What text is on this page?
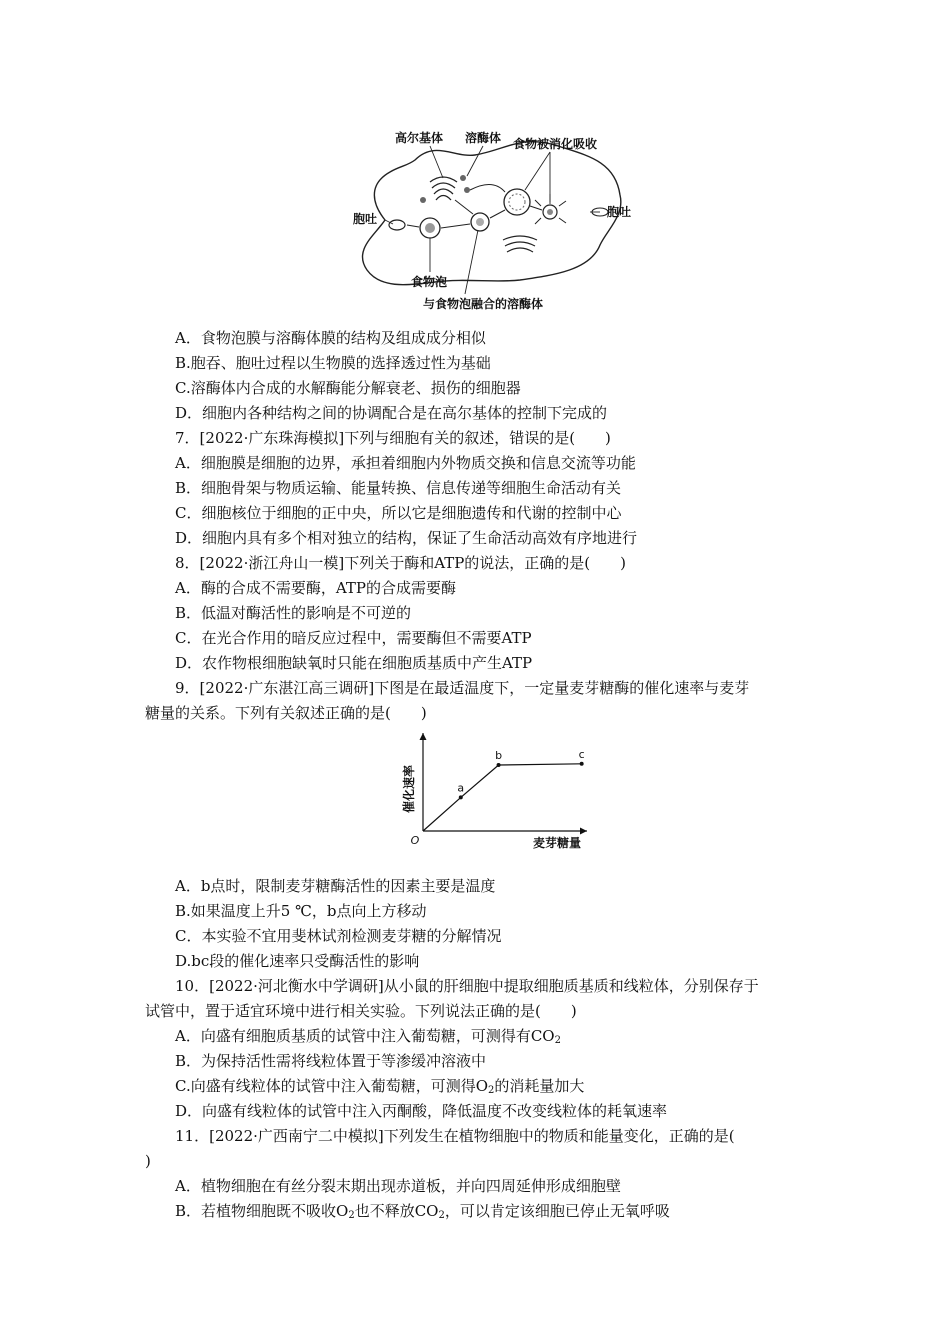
高尔基体 溶酶体 食物被消化吸收
胞吐	胞吐
食物泡
与食物泡融合的溶酶体
A．食物泡膜与溶酶体膜的结构及组成成分相似
B.胞吞、胞吐过程以生物膜的选择透过性为基础
C.溶酶体内合成的水解酶能分解衰老、损伤的细胞器
D．细胞内各种结构之间的协调配合是在高尔基体的控制下完成的
7．[2022·广东珠海模拟]下列与细胞有关的叙述，错误的是(　　)
A．细胞膜是细胞的边界，承担着细胞内外物质交换和信息交流等功能
B．细胞骨架与物质运输、能量转换、信息传递等细胞生命活动有关
C．细胞核位于细胞的正中央，所以它是细胞遗传和代谢的控制中心
D．细胞内具有多个相对独立的结构，保证了生命活动高效有序地进行
8．[2022·浙江舟山一模]下列关于酶和ATP的说法，正确的是(　　)
A．酶的合成不需要酶，ATP的合成需要酶
B．低温对酶活性的影响是不可逆的
C．在光合作用的暗反应过程中，需要酶但不需要ATP
D．农作物根细胞缺氧时只能在细胞质基质中产生ATP
9．[2022·广东湛江高三调研]下图是在最适温度下，一定量麦芽糖酶的催化速率与麦芽
糖量的关系。下列有关叙述正确的是(　　)
催化速率
麦芽糖量
O
a
b	c
A．b点时，限制麦芽糖酶活性的因素主要是温度
B.如果温度上升5 ℃，b点向上方移动
C．本实验不宜用斐林试剂检测麦芽糖的分解情况
D.bc段的催化速率只受酶活性的影响
10．[2022·河北衡水中学调研]从小鼠的肝细胞中提取细胞质基质和线粒体，分别保存于
试管中，置于适宜环境中进行相关实验。下列说法正确的是(　　)
A．向盛有细胞质基质的试管中注入葡萄糖，可测得有$CO_2$
B．为保持活性需将线粒体置于等渗缓冲溶液中
C.向盛有线粒体的试管中注入葡萄糖，可测得$O_2$的消耗量加大
D．向盛有线粒体的试管中注入丙酮酸，降低温度不改变线粒体的耗氧速率
11．[2022·广西南宁二中模拟]下列发生在植物细胞中的物质和能量变化，正确的是(
)
A．植物细胞在有丝分裂末期出现赤道板，并向四周延伸形成细胞壁
B．若植物细胞既不吸收$O_2$也不释放$CO_2$，可以肯定该细胞已停止无氧呼吸
